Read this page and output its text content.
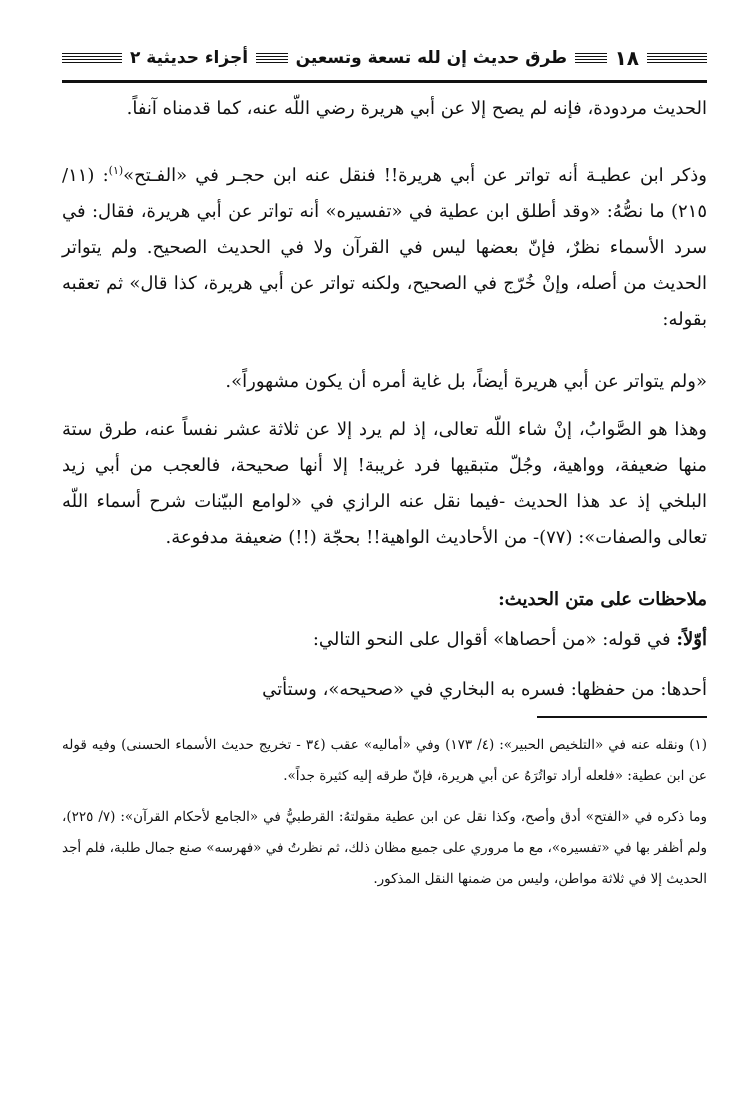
١٨
طرق حديث إن لله تسعة وتسعين
أجزاء حديثية ٢

الحديث مردودة، فإنه لم يصح إلا عن أبي هريرة رضي اللّه عنه، كما قدمناه آنفاً.

وذكر ابن عطيـة أنه تواتر عن أبي هريرة!! فنقل عنه ابن حجـر في «الفـتح»$^{(١)}$: (١١/ ٢١٥) ما نصُّهُ: «وقد أطلق ابن عطية في «تفسيره» أنه تواتر عن أبي هريرة، فقال: في سرد الأسماء نظرٌ، فإنّ بعضها ليس في القرآن ولا في الحديث الصحيح. ولم يتواتر الحديث من أصله، وإنْ خُرّج في الصحيح، ولكنه تواتر عن أبي هريرة، كذا قال» ثم تعقبه بقوله:

«ولم يتواتر عن أبي هريرة أيضاً، بل غاية أمره أن يكون مشهوراً».

وهذا هو الصَّوابُ، إنْ شاء اللّه تعالى، إذ لم يرد إلا عن ثلاثة عشر نفساً عنه، طرق ستة منها ضعيفة، وواهية، وجُلّ متبقيها فرد غريبة! إلا أنها صحيحة، فالعجب من أبي زيد البلخي إذ عد هذا الحديث -فيما نقل عنه الرازي في «لوامع البيّنات شرح أسماء اللّه تعالى والصفات»: (٧٧)- من الأحاديث الواهية!! بحجّة (!!) ضعيفة مدفوعة.

ملاحظات على متن الحديث:

أوّلاً: في قوله: «من أحصاها» أقوال على النحو التالي:

أحدها: من حفظها: فسره به البخاري في «صحيحه»، وستأتي

(١) ونقله عنه في «التلخيص الحبير»: (٤/ ١٧٣) وفي «أماليه» عقب (٣٤ - تخريج حديث الأسماء الحسنى) وفيه قوله عن ابن عطية: «فلعله أراد تواتُرَهُ عن أبي هريرة، فإنّ طرقه إليه كثيرة جداً».

وما ذكره في «الفتح» أدق وأصح، وكذا نقل عن ابن عطية مقولتهُ: القرطبيُّ في «الجامع لأحكام القرآن»: (٧/ ٢٢٥)، ولم أظفر بها في «تفسيره»، مع ما مروري على جميع مظان ذلك، ثم نظرتُ في «فهرسه» صنع جمال طلبة، فلم أجد الحديث إلا في ثلاثة مواطن، وليس من ضمنها النقل المذكور.
